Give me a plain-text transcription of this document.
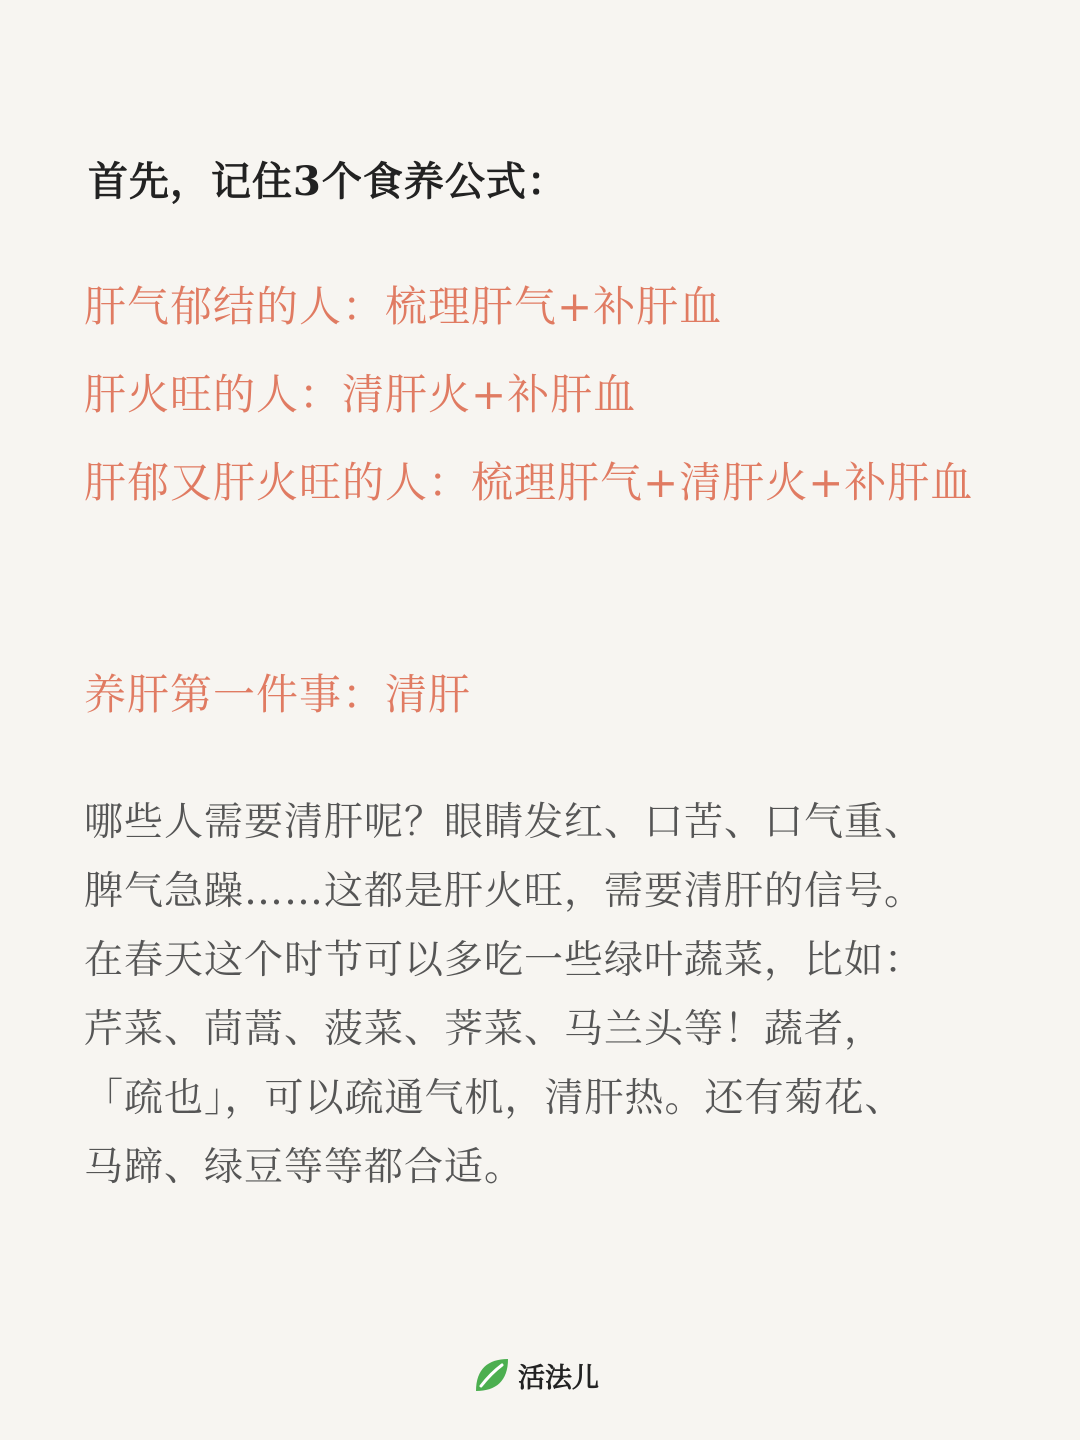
首先，记住3个食养公式：
肝气郁结的人：梳理肝气+补肝血
肝火旺的人：清肝火+补肝血
肝郁又肝火旺的人：梳理肝气+清肝火+补肝血
养肝第一件事：清肝
哪些人需要清肝呢？眼睛发红、口苦、口气重、
脾气急躁……这都是肝火旺，需要清肝的信号。
在春天这个时节可以多吃一些绿叶蔬菜，比如：
芹菜、茼蒿、菠菜、荠菜、马兰头等！蔬者，
「疏也」，可以疏通气机，清肝热。还有菊花、
马蹄、绿豆等等都合适。
活法儿
